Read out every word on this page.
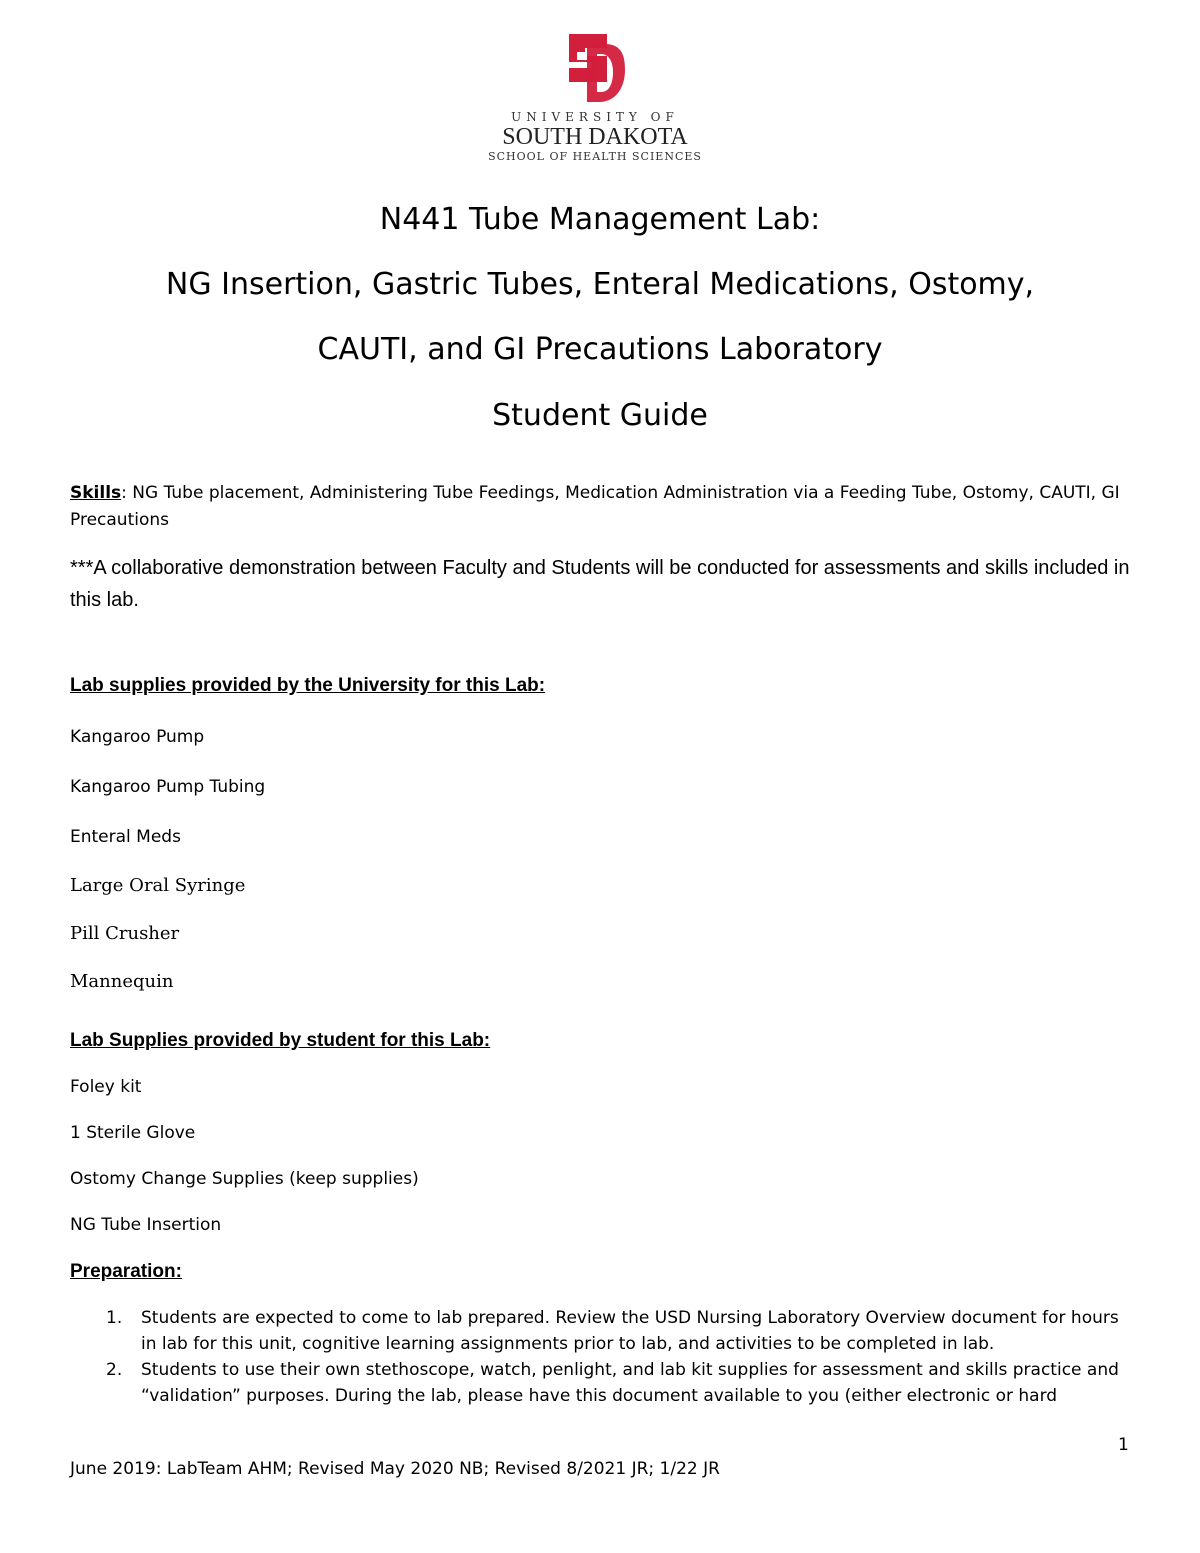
UNIVERSITY OF
SOUTH DAKOTA
SCHOOL OF HEALTH SCIENCES
N441 Tube Management Lab:
NG Insertion, Gastric Tubes, Enteral Medications, Ostomy,
CAUTI, and GI Precautions Laboratory
Student Guide
Skills: NG Tube placement, Administering Tube Feedings, Medication Administration via a Feeding Tube, Ostomy, CAUTI, GI Precautions
***A collaborative demonstration between Faculty and Students will be conducted for assessments and skills included in this lab.
Lab supplies provided by the University for this Lab:
Kangaroo Pump
Kangaroo Pump Tubing
Enteral Meds
Large Oral Syringe
Pill Crusher
Mannequin
Lab Supplies provided by student for this Lab:
Foley kit
1 Sterile Glove
Ostomy Change Supplies (keep supplies)
NG Tube Insertion
Preparation:
1. Students are expected to come to lab prepared. Review the USD Nursing Laboratory Overview document for hours in lab for this unit, cognitive learning assignments prior to lab, and activities to be completed in lab.
2. Students to use their own stethoscope, watch, penlight, and lab kit supplies for assessment and skills practice and “validation” purposes. During the lab, please have this document available to you (either electronic or hard
1
June 2019: LabTeam AHM; Revised May 2020 NB; Revised 8/2021 JR; 1/22 JR
